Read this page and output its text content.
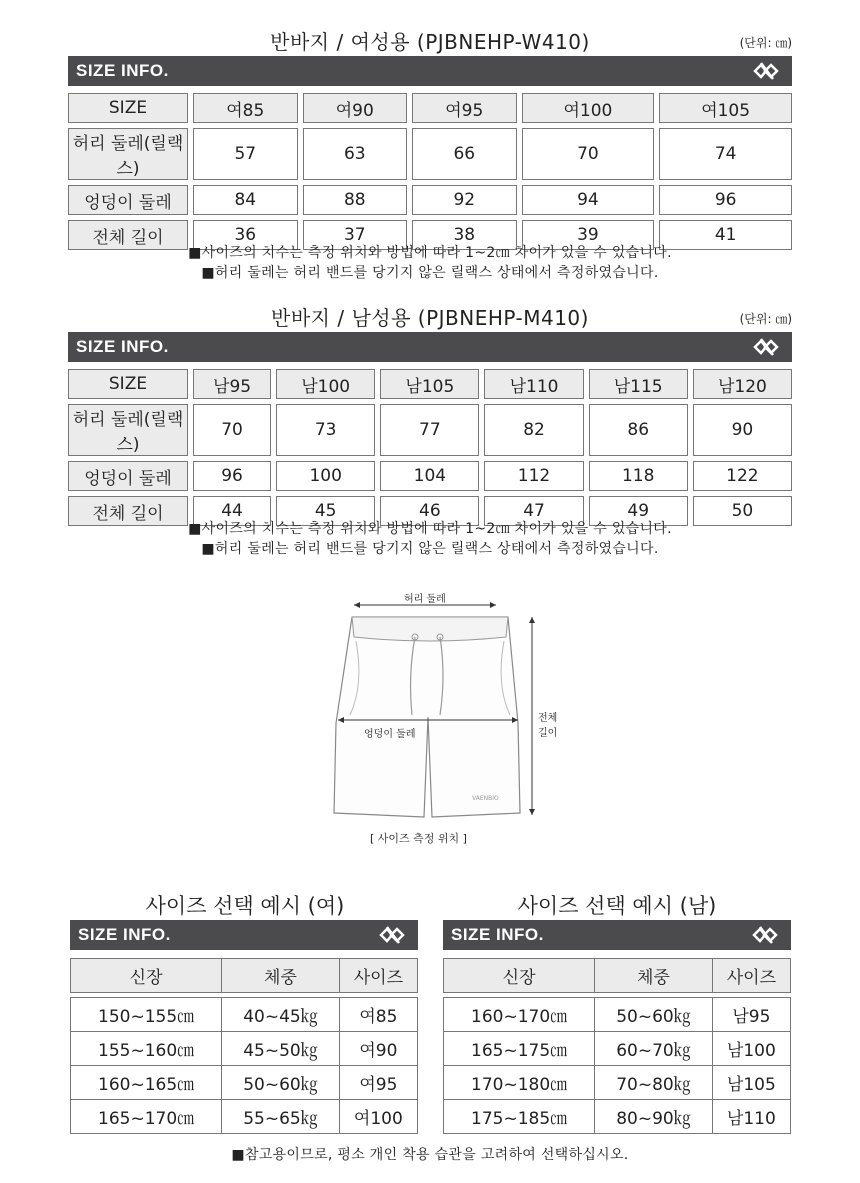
반바지 / 여성용 (PJBNEHP-W410)	(단위: ㎝)
SIZE INFO.
SIZE	여85	여90	여95	여100	여105
허리 둘레(릴랙스)	57	63	66	70	74
엉덩이 둘레	84	88	92	94	96
전체 길이	36	37	38	39	41
■사이즈의 치수는 측정 위치와 방법에 따라 1~2㎝ 차이가 있을 수 있습니다.
■허리 둘레는 허리 밴드를 당기지 않은 릴랙스 상태에서 측정하였습니다.
반바지 / 남성용 (PJBNEHP-M410)	(단위: ㎝)
SIZE INFO.
SIZE	남95	남100	남105	남110	남115	남120
허리 둘레(릴랙스)	70	73	77	82	86	90
엉덩이 둘레	96	100	104	112	118	122
전체 길이	44	45	46	47	49	50
■사이즈의 치수는 측정 위치와 방법에 따라 1~2㎝ 차이가 있을 수 있습니다.
■허리 둘레는 허리 밴드를 당기지 않은 릴랙스 상태에서 측정하였습니다.
허리 둘레
엉덩이 둘레
전체 길이
VAENBIO
[ 사이즈 측정 위치 ]
사이즈 선택 예시 (여)	사이즈 선택 예시 (남)
SIZE INFO.	SIZE INFO.
신장	체중	사이즈

150~155㎝	40~45㎏	여85
155~160㎝	45~50㎏	여90
160~165㎝	50~60㎏	여95
165~170㎝	55~65㎏	여100
신장	체중	사이즈

160~170㎝	50~60㎏	남95
165~175㎝	60~70㎏	남100
170~180㎝	70~80㎏	남105
175~185㎝	80~90㎏	남110
■참고용이므로, 평소 개인 착용 습관을 고려하여 선택하십시오.
